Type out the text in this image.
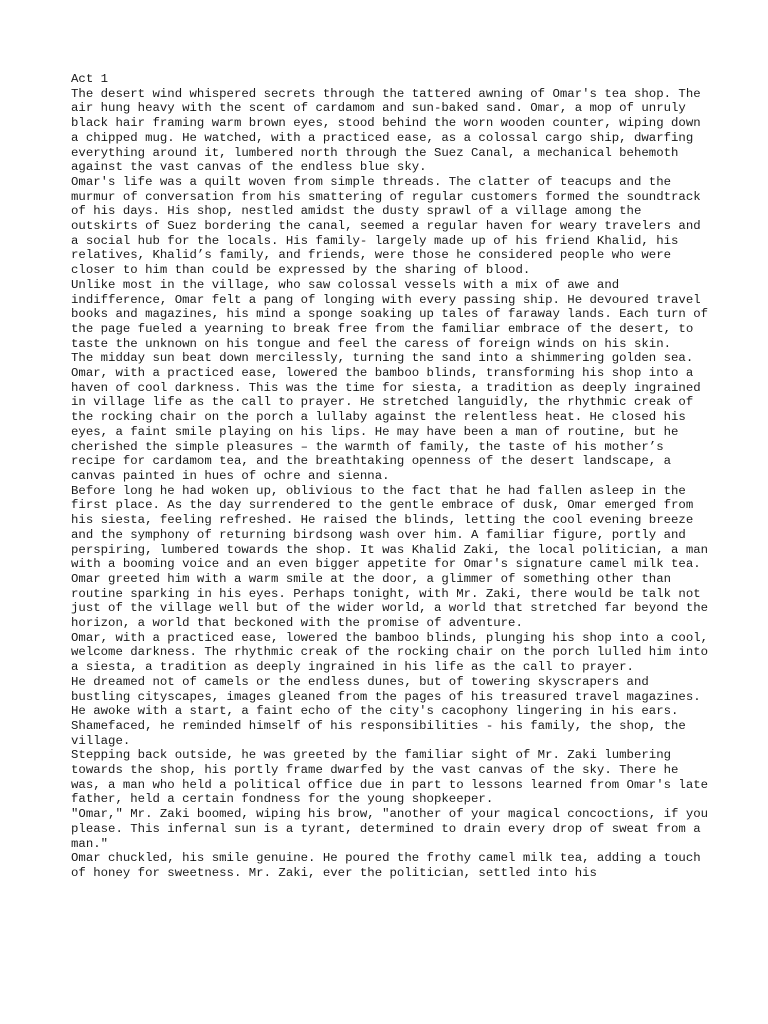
Act 1

The desert wind whispered secrets through the tattered awning of Omar's tea shop. The air hung heavy with the scent of cardamom and sun-baked sand. Omar, a mop of unruly black hair framing warm brown eyes, stood behind the worn wooden counter, wiping down a chipped mug. He watched, with a practiced ease, as a colossal cargo ship, dwarfing everything around it, lumbered north through the Suez Canal, a mechanical behemoth against the vast canvas of the endless blue sky.

Omar's life was a quilt woven from simple threads. The clatter of teacups and the murmur of conversation from his smattering of regular customers formed the soundtrack of his days. His shop, nestled amidst the dusty sprawl of a village among the outskirts of Suez bordering the canal, seemed a regular haven for weary travelers and a social hub for the locals. His family- largely made up of his friend Khalid, his relatives, Khalid’s family, and friends, were those he considered people who were closer to him than could be expressed by the sharing of blood.

Unlike most in the village, who saw colossal vessels with a mix of awe and indifference, Omar felt a pang of longing with every passing ship. He devoured travel books and magazines, his mind a sponge soaking up tales of faraway lands. Each turn of the page fueled a yearning to break free from the familiar embrace of the desert, to taste the unknown on his tongue and feel the caress of foreign winds on his skin.

The midday sun beat down mercilessly, turning the sand into a shimmering golden sea. Omar, with a practiced ease, lowered the bamboo blinds, transforming his shop into a haven of cool darkness. This was the time for siesta, a tradition as deeply ingrained in village life as the call to prayer. He stretched languidly, the rhythmic creak of the rocking chair on the porch a lullaby against the relentless heat. He closed his eyes, a faint smile playing on his lips. He may have been a man of routine, but he cherished the simple pleasures – the warmth of family, the taste of his mother’s recipe for cardamom tea, and the breathtaking openness of the desert landscape, a canvas painted in hues of ochre and sienna.

Before long he had woken up, oblivious to the fact that he had fallen asleep in the first place. As the day surrendered to the gentle embrace of dusk, Omar emerged from his siesta, feeling refreshed. He raised the blinds, letting the cool evening breeze and the symphony of returning birdsong wash over him. A familiar figure, portly and perspiring, lumbered towards the shop. It was Khalid Zaki, the local politician, a man with a booming voice and an even bigger appetite for Omar's signature camel milk tea. Omar greeted him with a warm smile at the door, a glimmer of something other than routine sparking in his eyes. Perhaps tonight, with Mr. Zaki, there would be talk not just of the village well but of the wider world, a world that stretched far beyond the horizon, a world that beckoned with the promise of adventure.

Omar, with a practiced ease, lowered the bamboo blinds, plunging his shop into a cool, welcome darkness. The rhythmic creak of the rocking chair on the porch lulled him into a siesta, a tradition as deeply ingrained in his life as the call to prayer.

He dreamed not of camels or the endless dunes, but of towering skyscrapers and bustling cityscapes, images gleaned from the pages of his treasured travel magazines. He awoke with a start, a faint echo of the city's cacophony lingering in his ears. Shamefaced, he reminded himself of his responsibilities - his family, the shop, the village.

Stepping back outside, he was greeted by the familiar sight of Mr. Zaki lumbering towards the shop, his portly frame dwarfed by the vast canvas of the sky. There he was, a man who held a political office due in part to lessons learned from Omar's late father, held a certain fondness for the young shopkeeper.

"Omar," Mr. Zaki boomed, wiping his brow, "another of your magical concoctions, if you please. This infernal sun is a tyrant, determined to drain every drop of sweat from a man."

Omar chuckled, his smile genuine. He poured the frothy camel milk tea, adding a touch of honey for sweetness. Mr. Zaki, ever the politician, settled into his
